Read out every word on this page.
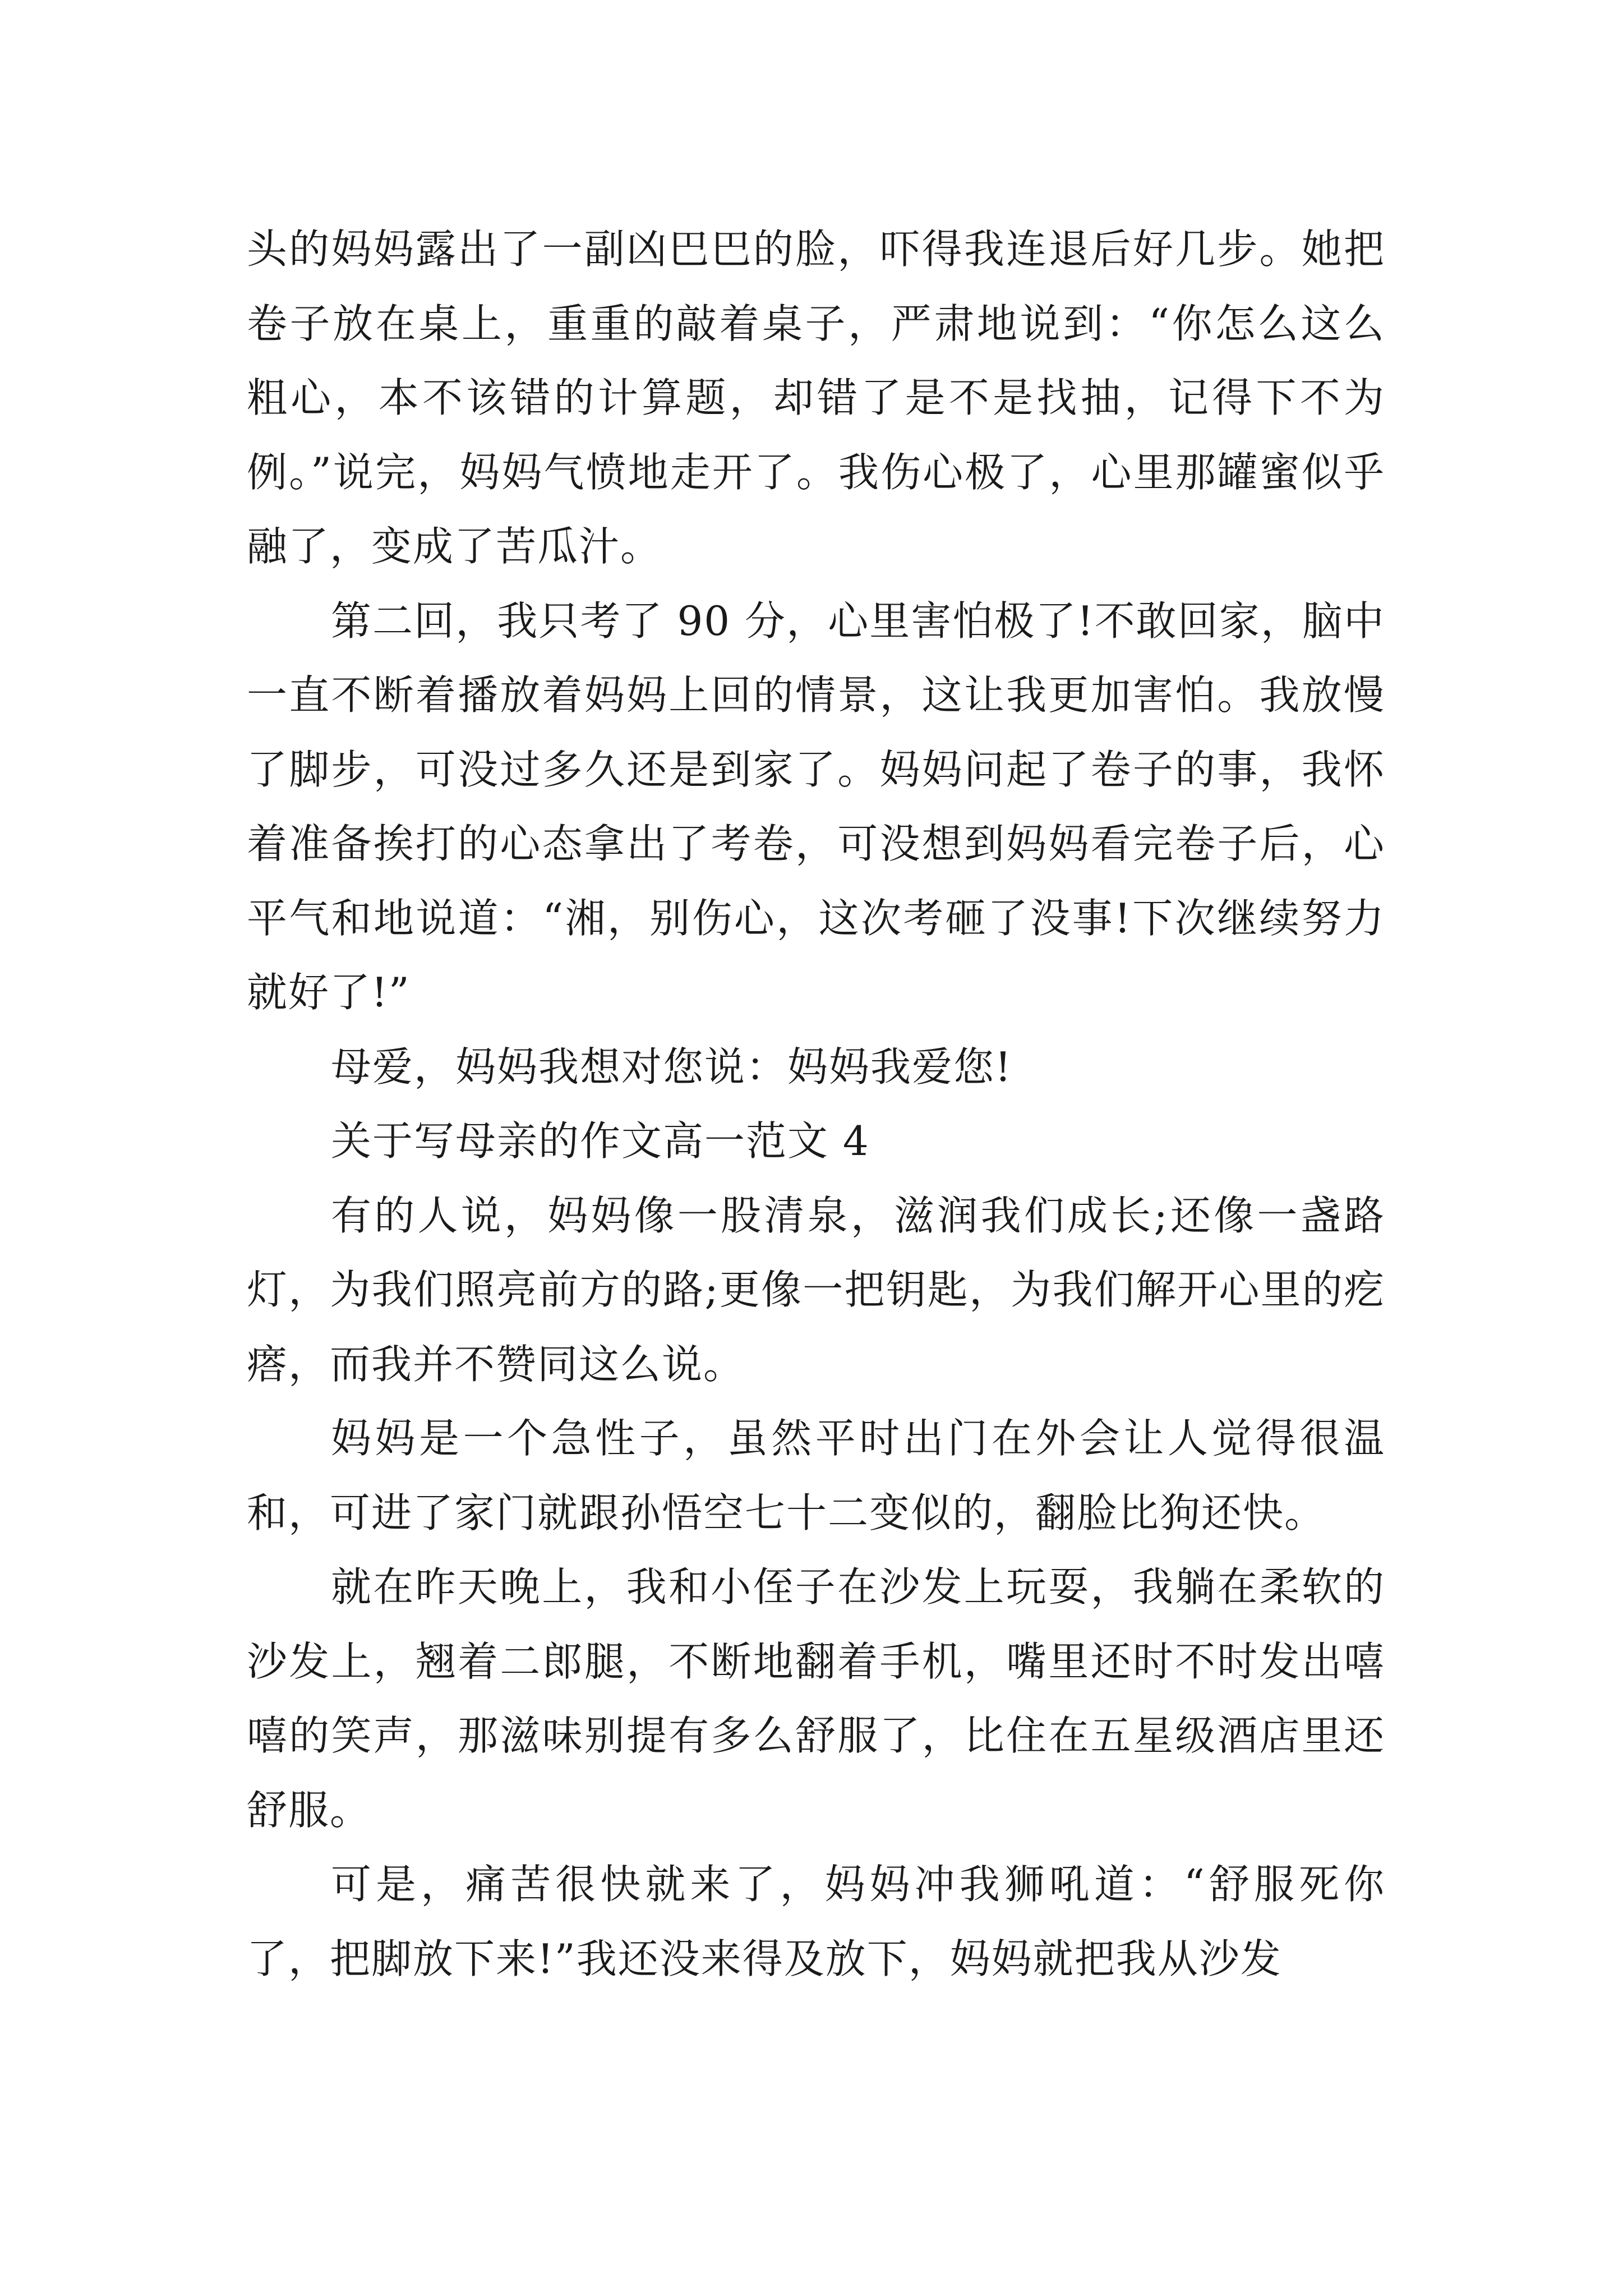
头的妈妈露出了一副凶巴巴的脸，吓得我连退后好几步。她把卷子放在桌上，重重的敲着桌子，严肃地说到：“你怎么这么粗心，本不该错的计算题，却错了是不是找抽，记得下不为例。”说完，妈妈气愤地走开了。我伤心极了，心里那罐蜜似乎融了，变成了苦瓜汁。

第二回，我只考了 90 分，心里害怕极了!不敢回家，脑中一直不断着播放着妈妈上回的情景，这让我更加害怕。我放慢了脚步，可没过多久还是到家了。妈妈问起了卷子的事，我怀着准备挨打的心态拿出了考卷，可没想到妈妈看完卷子后，心平气和地说道：“湘，别伤心，这次考砸了没事!下次继续努力就好了!”

母爱，妈妈我想对您说：妈妈我爱您!

关于写母亲的作文高一范文 4

有的人说，妈妈像一股清泉，滋润我们成长;还像一盏路灯，为我们照亮前方的路;更像一把钥匙，为我们解开心里的疙瘩，而我并不赞同这么说。

妈妈是一个急性子，虽然平时出门在外会让人觉得很温和，可进了家门就跟孙悟空七十二变似的，翻脸比狗还快。

就在昨天晚上，我和小侄子在沙发上玩耍，我躺在柔软的沙发上，翘着二郎腿，不断地翻着手机，嘴里还时不时发出嘻嘻的笑声，那滋味别提有多么舒服了，比住在五星级酒店里还舒服。

可是，痛苦很快就来了，妈妈冲我狮吼道：“舒服死你了，把脚放下来!”我还没来得及放下，妈妈就把我从沙发
